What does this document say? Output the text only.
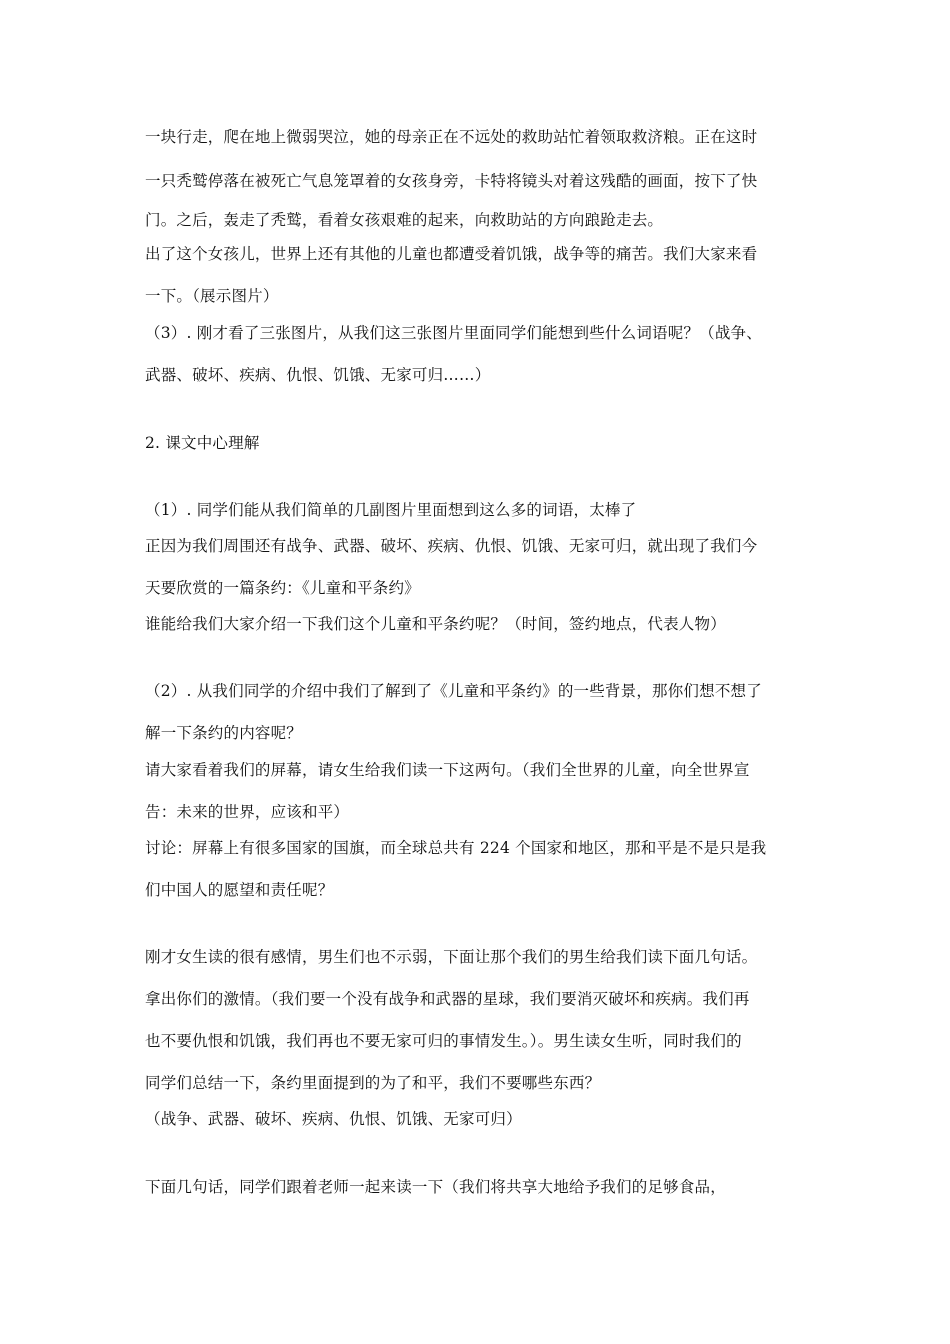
一块行走，爬在地上微弱哭泣，她的母亲正在不远处的救助站忙着领取救济粮。正在这时
一只秃鹫停落在被死亡气息笼罩着的女孩身旁，卡特将镜头对着这残酷的画面，按下了快
门。之后，轰走了秃鹫，看着女孩艰难的起来，向救助站的方向踉跄走去。
出了这个女孩儿，世界上还有其他的儿童也都遭受着饥饿，战争等的痛苦。我们大家来看
一下。（展示图片）
（3）. 刚才看了三张图片，从我们这三张图片里面同学们能想到些什么词语呢？（战争、
武器、破坏、疾病、仇恨、饥饿、无家可归……）
2. 课文中心理解
（1）. 同学们能从我们简单的几副图片里面想到这么多的词语，太棒了
正因为我们周围还有战争、武器、破坏、疾病、仇恨、饥饿、无家可归，就出现了我们今
天要欣赏的一篇条约：《儿童和平条约》
谁能给我们大家介绍一下我们这个儿童和平条约呢？（时间，签约地点，代表人物）
（2）. 从我们同学的介绍中我们了解到了《儿童和平条约》的一些背景，那你们想不想了
解一下条约的内容呢？
请大家看着我们的屏幕，请女生给我们读一下这两句。（我们全世界的儿童，向全世界宣
告：未来的世界，应该和平）
讨论：屏幕上有很多国家的国旗，而全球总共有 224 个国家和地区，那和平是不是只是我
们中国人的愿望和责任呢？
刚才女生读的很有感情，男生们也不示弱，下面让那个我们的男生给我们读下面几句话。
拿出你们的激情。（我们要一个没有战争和武器的星球，我们要消灭破坏和疾病。我们再
也不要仇恨和饥饿，我们再也不要无家可归的事情发生。）。男生读女生听，同时我们的
同学们总结一下，条约里面提到的为了和平，我们不要哪些东西？
（战争、武器、破坏、疾病、仇恨、饥饿、无家可归）
下面几句话，同学们跟着老师一起来读一下（我们将共享大地给予我们的足够食品，
